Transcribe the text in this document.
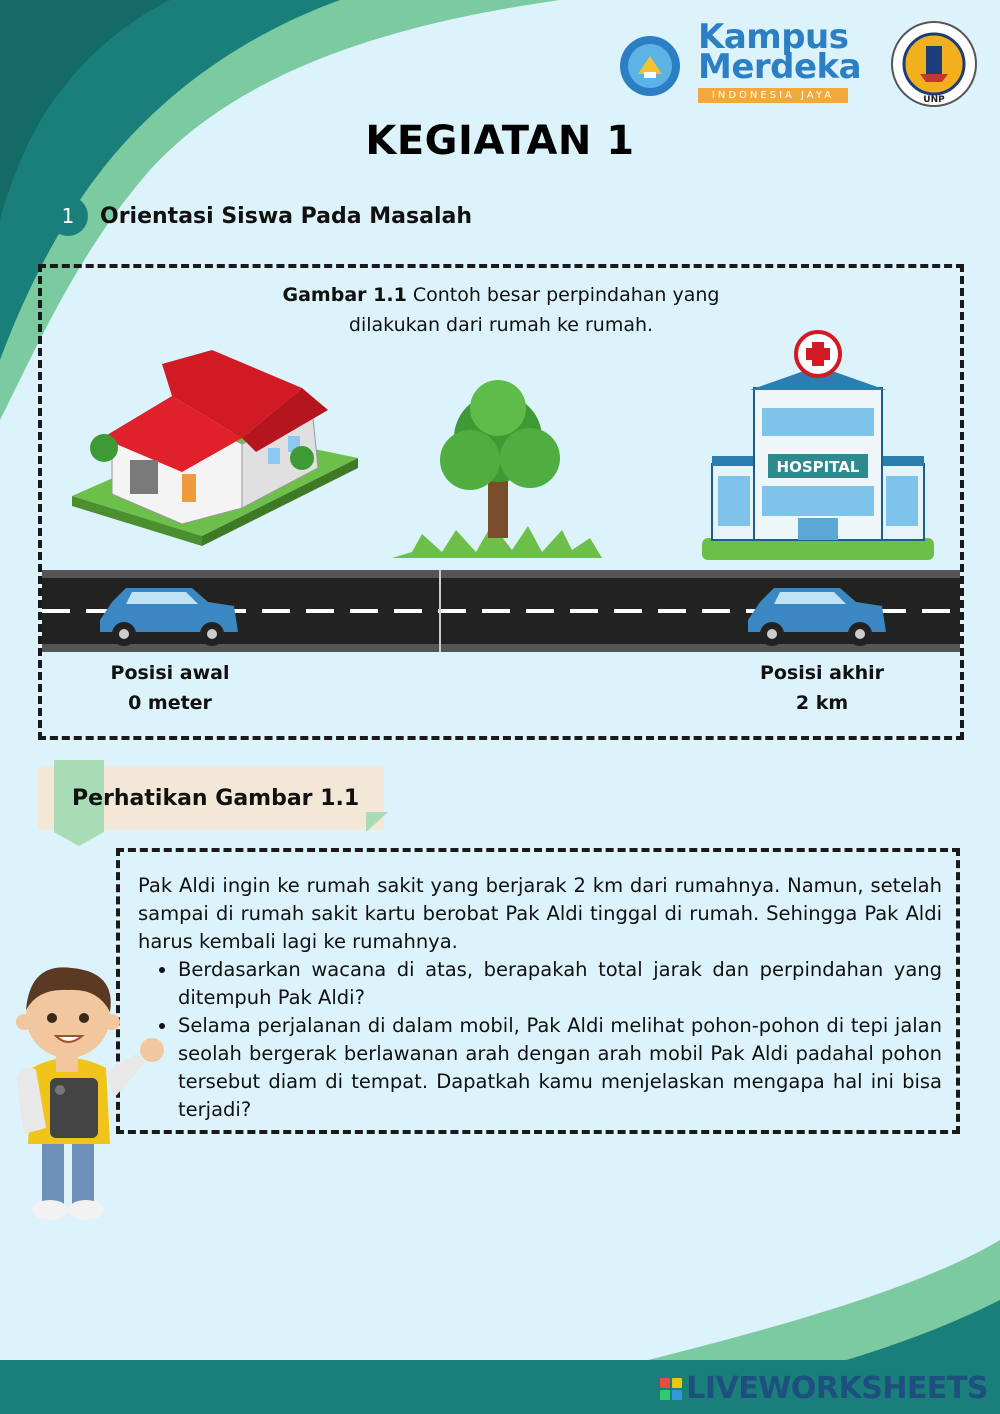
Kampus
Merdeka
INDONESIA JAYA	UNP
KEGIATAN 1
1	Orientasi Siswa Pada Masalah
HOSPITAL
Gambar 1.1 Contoh besar perpindahan yang
dilakukan dari rumah ke rumah.
Posisi awal
0 meter
Posisi akhir
2 km
Perhatikan Gambar 1.1
Pak Aldi ingin ke rumah sakit yang berjarak 2 km dari rumahnya. Namun, setelah sampai di rumah sakit kartu berobat Pak Aldi tinggal di rumah. Sehingga Pak Aldi harus kembali lagi ke rumahnya.
• Berdasarkan wacana di atas, berapakah total jarak dan perpindahan yang ditempuh Pak Aldi?
• Selama perjalanan di dalam mobil, Pak Aldi melihat pohon-pohon di tepi jalan seolah bergerak berlawanan arah dengan arah mobil Pak Aldi padahal pohon tersebut diam di tempat. Dapatkah kamu menjelaskan mengapa hal ini bisa terjadi?
LIVEWORKSHEETS
